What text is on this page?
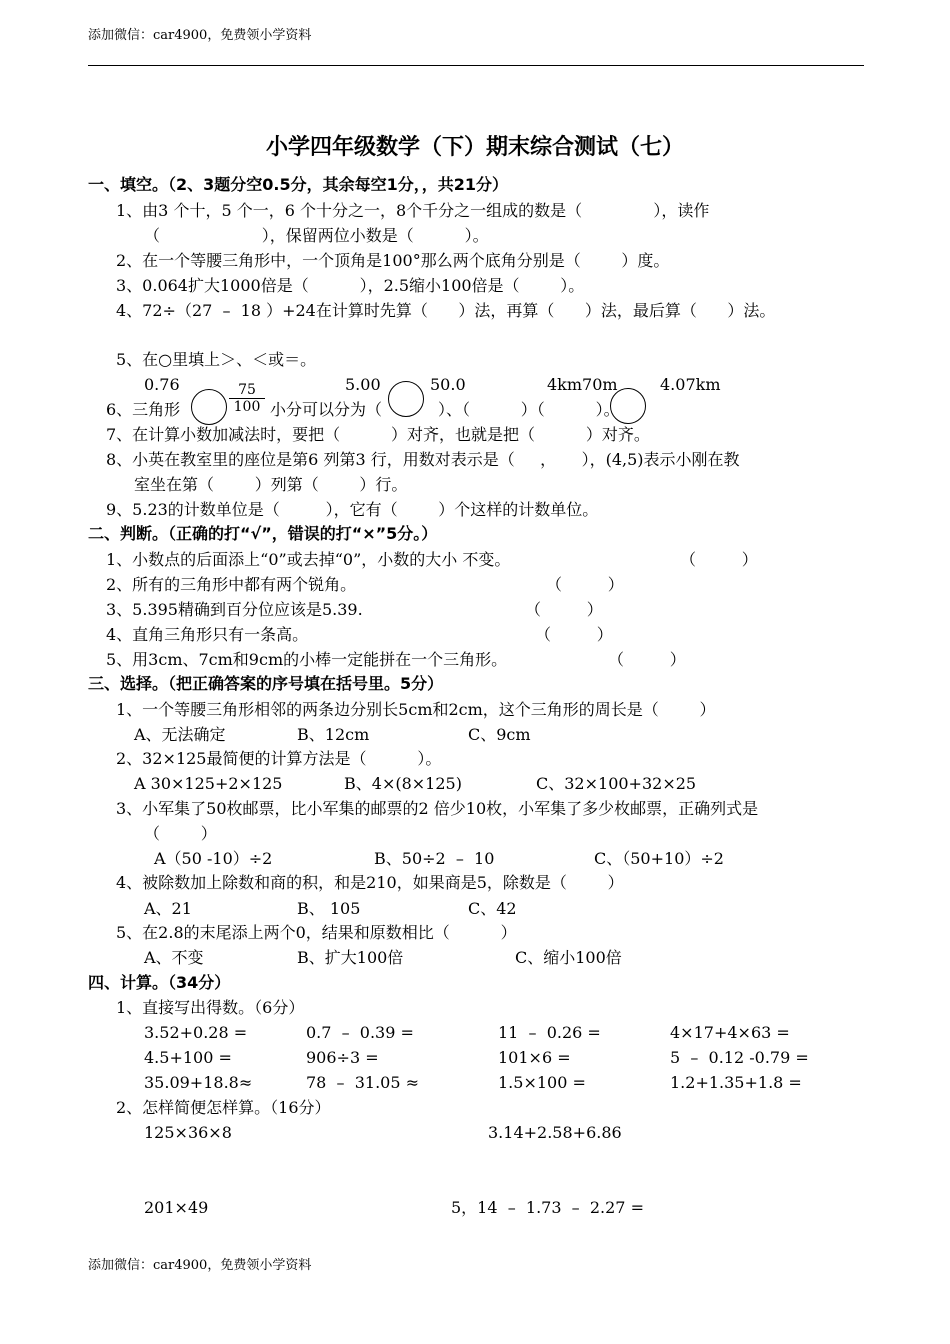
添加微信：car4900，免费领小学资料
小学四年级数学（下）期末综合测试（七）
一、填空。（2、3题分空0.5分，其余每空1分，，共21分）
1、由3 个十，5 个一，6 个十分之一，8个千分之一组成的数是（              ），读作
（                    ），保留两位小数是（          ）。
2、在一个等腰三角形中，一个顶角是100°那么两个底角分别是（        ）度。
3、0.064扩大1000倍是（          ），2.5缩小100倍是（        ）。
4、72÷（27  –  18 ）+24在计算时先算（      ）法，再算（      ）法，最后算（      ）法。
5、在○里填上＞、＜或＝。
0.76	5.00	50.0	4km70m	4.07km
$\frac{75}{100}$
6、三角形	小分可以分为（           ）、（          ）（          ）。
7、在计算小数加减法时，要把（          ）对齐，也就是把（          ）对齐。
8、小英在教室里的座位是第6 列第3 行，用数对表示是（     ，     ），(4,5)表示小刚在教
室坐在第（        ）列第（        ）行。
9、5.23的计数单位是（         ），它有（        ）个这样的计数单位。
二、判断。（正确的打“√”，错误的打“×”5分。）
1、小数点的后面添上“0”或去掉“0”，小数的大小 不变。	（         ）
2、所有的三角形中都有两个锐角。	（         ）
3、5.395精确到百分位应该是5.39.	（         ）
4、直角三角形只有一条高。	（         ）
5、用3cm、7cm和9cm的小棒一定能拼在一个三角形。	（         ）
三、选择。（把正确答案的序号填在括号里。5分）
1、一个等腰三角形相邻的两条边分别长5cm和2cm，这个三角形的周长是（        ）
A、无法确定	B、12cm	C、9cm
2、32×125最简便的计算方法是（          ）。
A 30×125+2×125	B、4×(8×125)	C、32×100+32×25
3、小军集了50枚邮票，比小军集的邮票的2 倍少10枚，小军集了多少枚邮票，正确列式是
（        ）
A（50 -10）÷2	B、50÷2  –  10	C、（50+10）÷2
4、被除数加上除数和商的积，和是210，如果商是5，除数是（        ）
A、21	B、 105	C、42
5、在2.8的末尾添上两个0，结果和原数相比（          ）
A、不变	B、扩大100倍	C、缩小100倍
四、计算。（34分）
1、直接写出得数。（6分）
3.52+0.28 =	0.7  –  0.39 =	11  –  0.26 =	4×17+4×63 =
4.5+100 =	906÷3 =	101×6 =	5  –  0.12 -0.79 =
35.09+18.8≈	78  –  31.05 ≈	1.5×100 =	1.2+1.35+1.8 =
2、怎样简便怎样算。（16分）
125×36×8	3.14+2.58+6.86
201×49	5，14  –  1.73  –  2.27 =
添加微信：car4900，免费领小学资料
